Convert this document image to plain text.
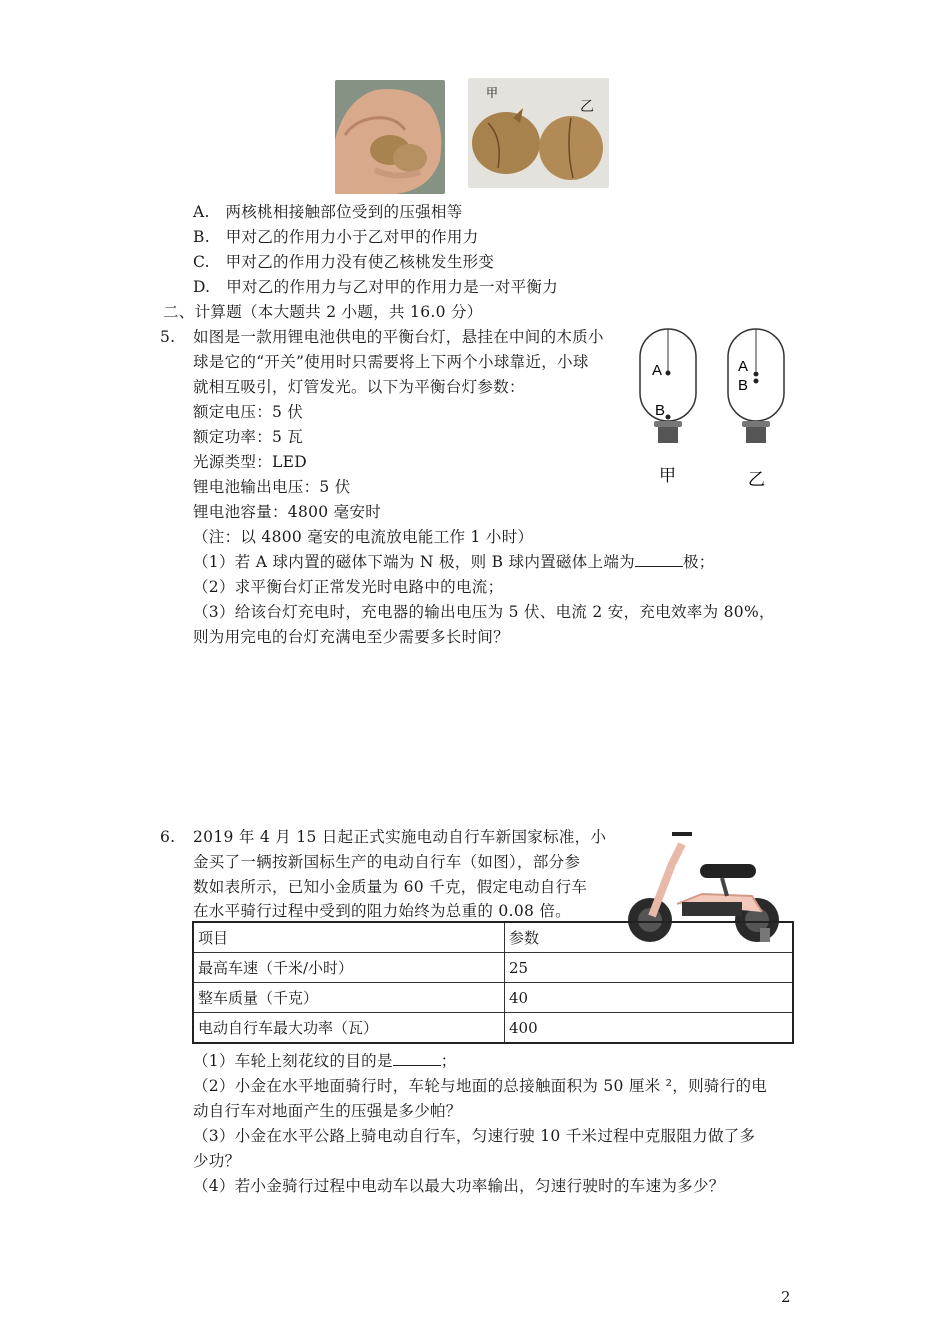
甲
乙
A.　两核桃相接触部位受到的压强相等
B.　甲对乙的作用力小于乙对甲的作用力
C.　甲对乙的作用力没有使乙核桃发生形变
D.　甲对乙的作用力与乙对甲的作用力是一对平衡力
二、计算题（本大题共 2 小题，共 16.0 分）
5. 如图是一款用锂电池供电的平衡台灯，悬挂在中间的木质小
球是它的“开关”使用时只需要将上下两个小球靠近，小球
就相互吸引，灯管发光。以下为平衡台灯参数：
额定电压：5 伏
额定功率：5 瓦
光源类型：LED
锂电池输出电压：5 伏
锂电池容量：4800 毫安时
（注：以 4800 毫安的电流放电能工作 1 小时）
（1）若 A 球内置的磁体下端为 N 极，则 B 球内置磁体上端为	极；
（2）求平衡台灯正常发光时电路中的电流；
（3）给该台灯充电时，充电器的输出电压为 5 伏、电流 2 安，充电效率为 80%，
则为用完电的台灯充满电至少需要多长时间？
A
B
A
B
甲	乙
6. 2019 年 4 月 15 日起正式实施电动自行车新国家标准，小
金买了一辆按新国标生产的电动自行车（如图），部分参
数如表所示，已知小金质量为 60 千克，假定电动自行车
在水平骑行过程中受到的阻力始终为总重的 0.08 倍。
项目	参数
最高车速（千米/小时）	25
整车质量（千克）	40
电动自行车最大功率（瓦）	400
（1）车轮上刻花纹的目的是	；
（2）小金在水平地面骑行时，车轮与地面的总接触面积为 50 厘米 ²，则骑行的电
动自行车对地面产生的压强是多少帕？
（3）小金在水平公路上骑电动自行车，匀速行驶 10 千米过程中克服阻力做了多
少功？
（4）若小金骑行过程中电动车以最大功率输出，匀速行驶时的车速为多少？
2
